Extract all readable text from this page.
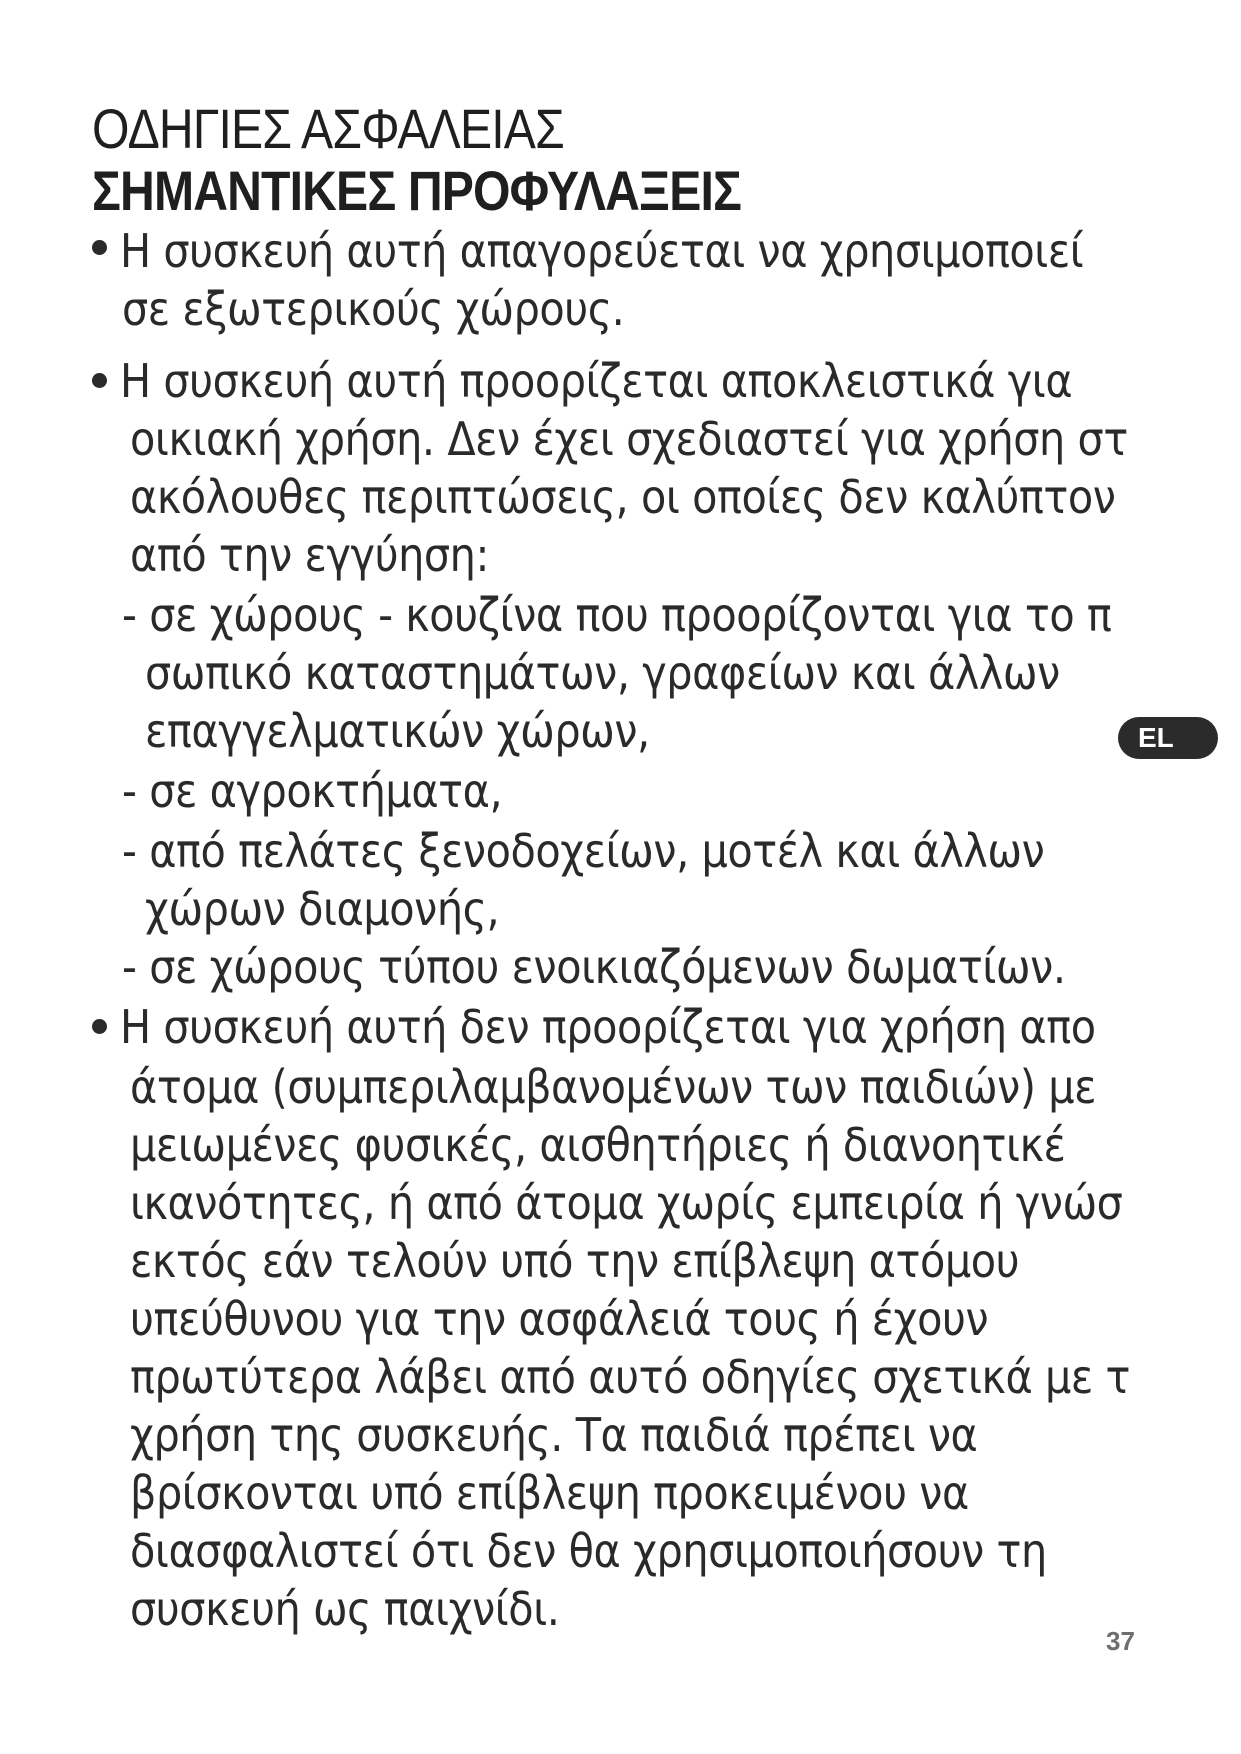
ΟΔΗΓΙΕΣ ΑΣΦΑΛΕΙΑΣ
ΣΗΜΑΝΤΙΚΕΣ ΠΡΟΦΥΛΑΞΕΙΣ
Η συσκευή αυτή απαγορεύεται να χρησιμοποιεί
σε εξωτερικούς χώρους.
Η συσκευή αυτή προορίζεται αποκλειστικά για
οικιακή χρήση. Δεν έχει σχεδιαστεί για χρήση στ
ακόλουθες περιπτώσεις, οι οποίες δεν καλύπτον
από την εγγύηση:
- σε χώρους - κουζίνα που προορίζονται για το π
σωπικό καταστημάτων, γραφείων και άλλων
επαγγελματικών χώρων,
- σε αγροκτήματα,
- από πελάτες ξενοδοχείων, μοτέλ και άλλων
χώρων διαμονής,
- σε χώρους τύπου ενοικιαζόμενων δωματίων.
Η συσκευή αυτή δεν προορίζεται για χρήση απο
άτομα (συμπεριλαμβανομένων των παιδιών) με
μειωμένες φυσικές, αισθητήριες ή διανοητικέ
ικανότητες, ή από άτομα χωρίς εμπειρία ή γνώσ
εκτός εάν τελούν υπό την επίβλεψη ατόμου
υπεύθυνου για την ασφάλειά τους ή έχουν
πρωτύτερα λάβει από αυτό οδηγίες σχετικά με τ
χρήση της συσκευής. Τα παιδιά πρέπει να
βρίσκονται υπό επίβλεψη προκειμένου να
διασφαλιστεί ότι δεν θα χρησιμοποιήσουν τη
συσκευή ως παιχνίδι.
EL
37
